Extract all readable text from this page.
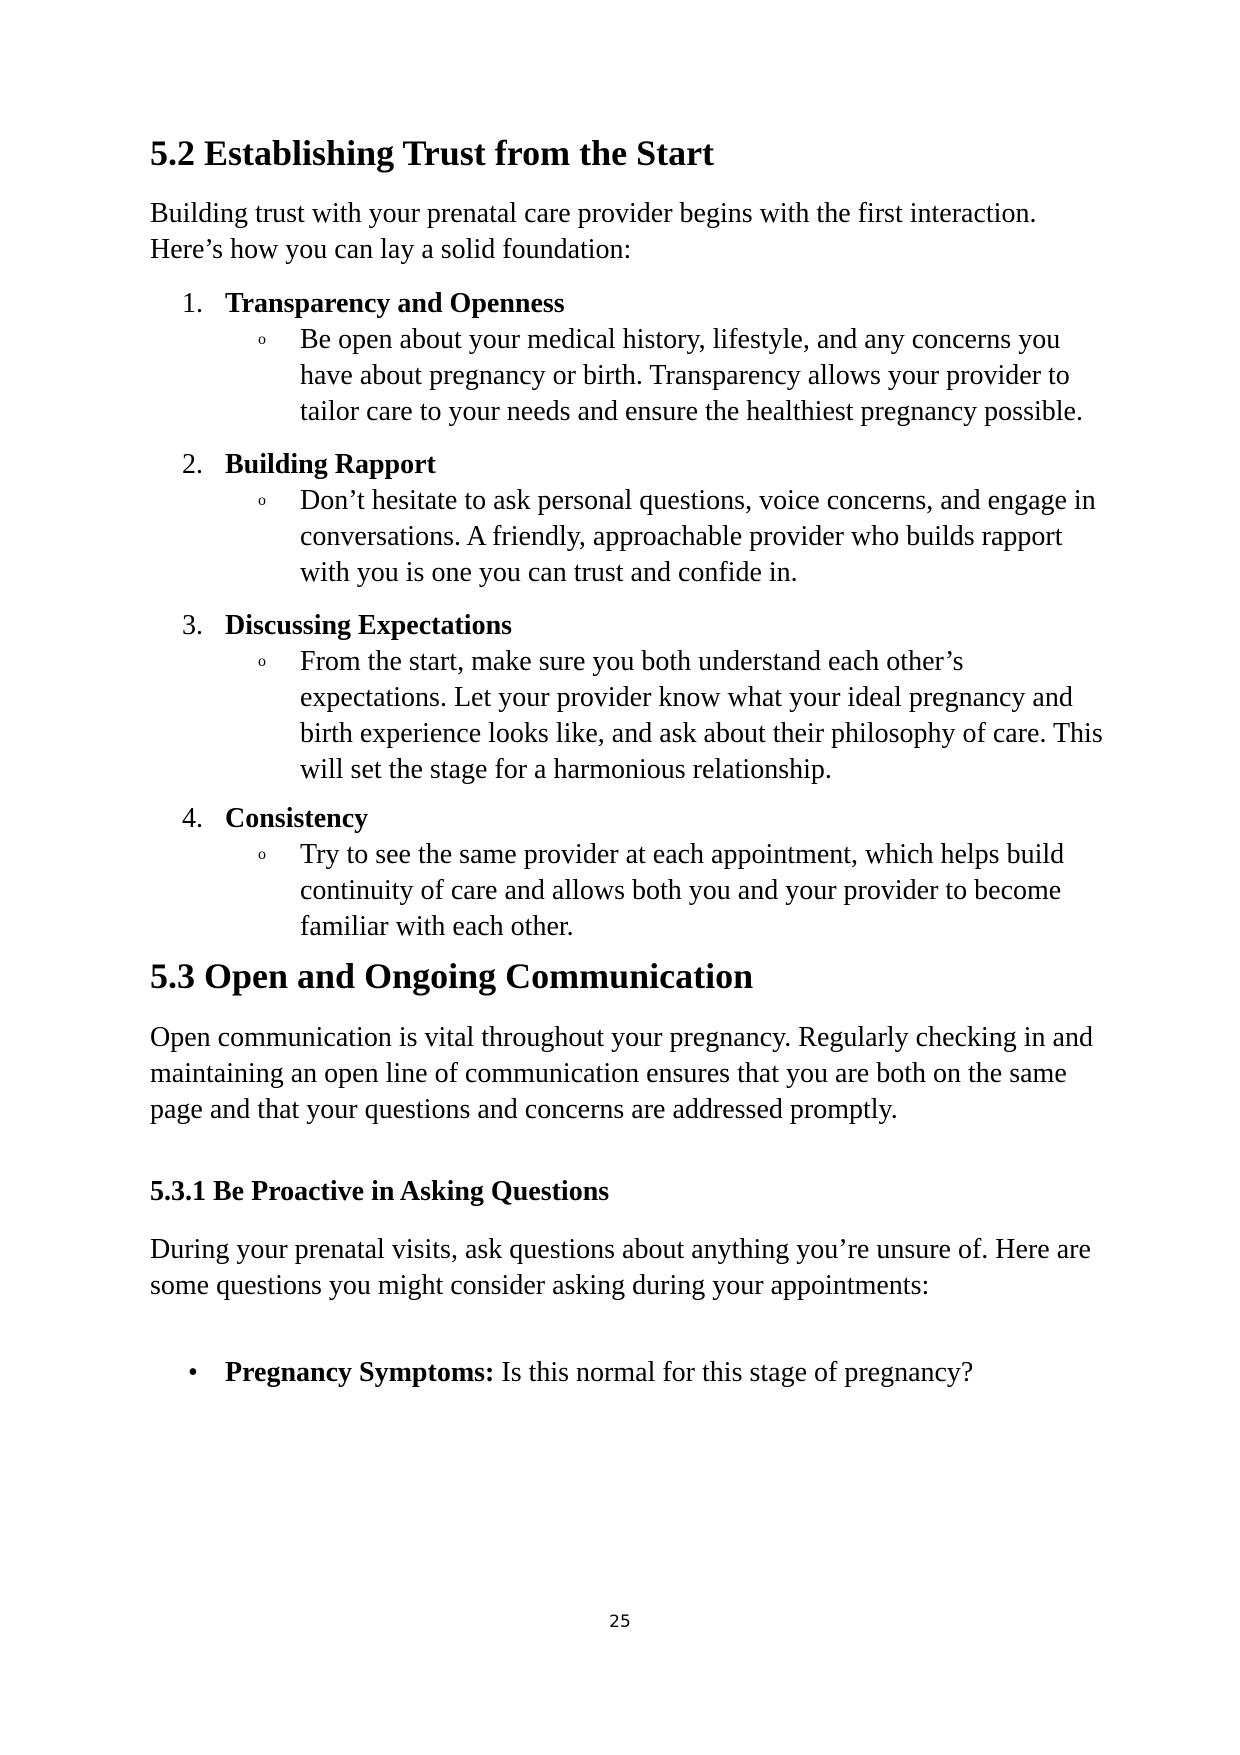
5.2 Establishing Trust from the Start

Building trust with your prenatal care provider begins with the first interaction. Here’s how you can lay a solid foundation:

1. Transparency and Openness
o Be open about your medical history, lifestyle, and any concerns you have about pregnancy or birth. Transparency allows your provider to tailor care to your needs and ensure the healthiest pregnancy possible.
2. Building Rapport
o Don’t hesitate to ask personal questions, voice concerns, and engage in conversations. A friendly, approachable provider who builds rapport with you is one you can trust and confide in.
3. Discussing Expectations
o From the start, make sure you both understand each other’s expectations. Let your provider know what your ideal pregnancy and birth experience looks like, and ask about their philosophy of care. This will set the stage for a harmonious relationship.
4. Consistency
o Try to see the same provider at each appointment, which helps build continuity of care and allows both you and your provider to become familiar with each other.
5.3 Open and Ongoing Communication

Open communication is vital throughout your pregnancy. Regularly checking in and maintaining an open line of communication ensures that you are both on the same page and that your questions and concerns are addressed promptly.

5.3.1 Be Proactive in Asking Questions

During your prenatal visits, ask questions about anything you’re unsure of. Here are some questions you might consider asking during your appointments:

• Pregnancy Symptoms: Is this normal for this stage of pregnancy?
25
